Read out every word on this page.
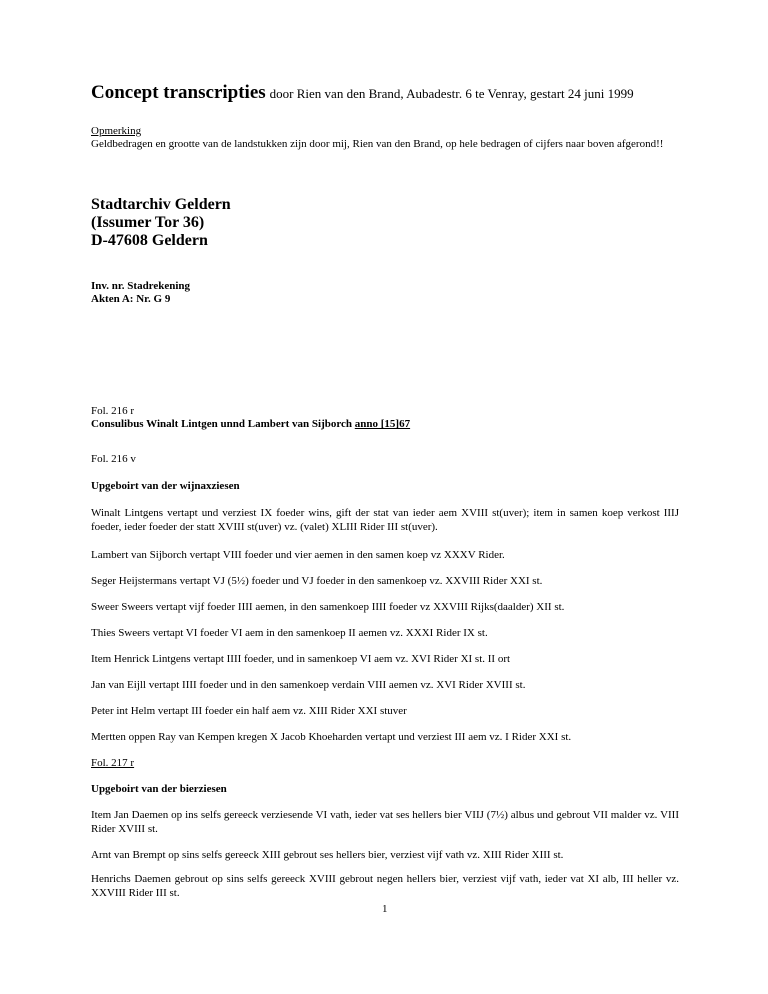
Concept transcripties door Rien van den Brand, Aubadestr. 6 te Venray, gestart 24 juni 1999
Opmerking
Geldbedragen en grootte van de landstukken zijn door mij, Rien van den Brand, op hele bedragen of cijfers naar boven afgerond!!
Stadtarchiv Geldern
(Issumer Tor 36)
D-47608 Geldern
Inv. nr. Stadrekening
Akten A: Nr. G 9
Fol. 216 r
Consulibus Winalt Lintgen unnd Lambert van Sijborch anno [15]67
Fol. 216 v
Upgeboirt van der wijnaxziesen
Winalt Lintgens vertapt und verziest IX foeder wins, gift der stat van ieder aem XVIII st(uver); item in samen koep verkost IIIJ foeder, ieder foeder der statt XVIII st(uver) vz. (valet) XLIII Rider III st(uver).
Lambert van Sijborch vertapt VIII foeder und vier aemen in den samen koep vz XXXV Rider.
Seger Heijstermans vertapt VJ (5½) foeder und VJ foeder in den samenkoep vz. XXVIII Rider XXI st.
Sweer Sweers vertapt vijf foeder IIII aemen, in den samenkoep IIII foeder vz XXVIII Rijks(daalder) XII st.
Thies Sweers vertapt VI foeder VI aem in den samenkoep II aemen vz. XXXI Rider IX st.
Item Henrick Lintgens vertapt IIII foeder, und in samenkoep VI aem vz. XVI Rider XI st. II ort
Jan van Eijll vertapt IIII foeder und in den samenkoep verdain VIII aemen vz. XVI Rider XVIII st.
Peter int Helm vertapt III foeder ein half aem vz. XIII Rider XXI stuver
Mertten oppen Ray van Kempen kregen X Jacob Khoeharden vertapt und verziest III aem vz. I Rider XXI st.
Fol. 217 r
Upgeboirt van der bierziesen
Item Jan Daemen op ins selfs gereeck verziesende VI vath, ieder vat ses hellers bier VIIJ (7½) albus und gebrout VII malder vz. VIII Rider XVIII st.
Arnt van Brempt op sins selfs gereeck XIII gebrout ses hellers bier, verziest vijf vath vz. XIII Rider XIII st.
Henrichs Daemen gebrout op sins selfs gereeck XVIII gebrout negen hellers bier, verziest vijf vath, ieder vat XI alb, III heller vz. XXVIII Rider III st.
1
